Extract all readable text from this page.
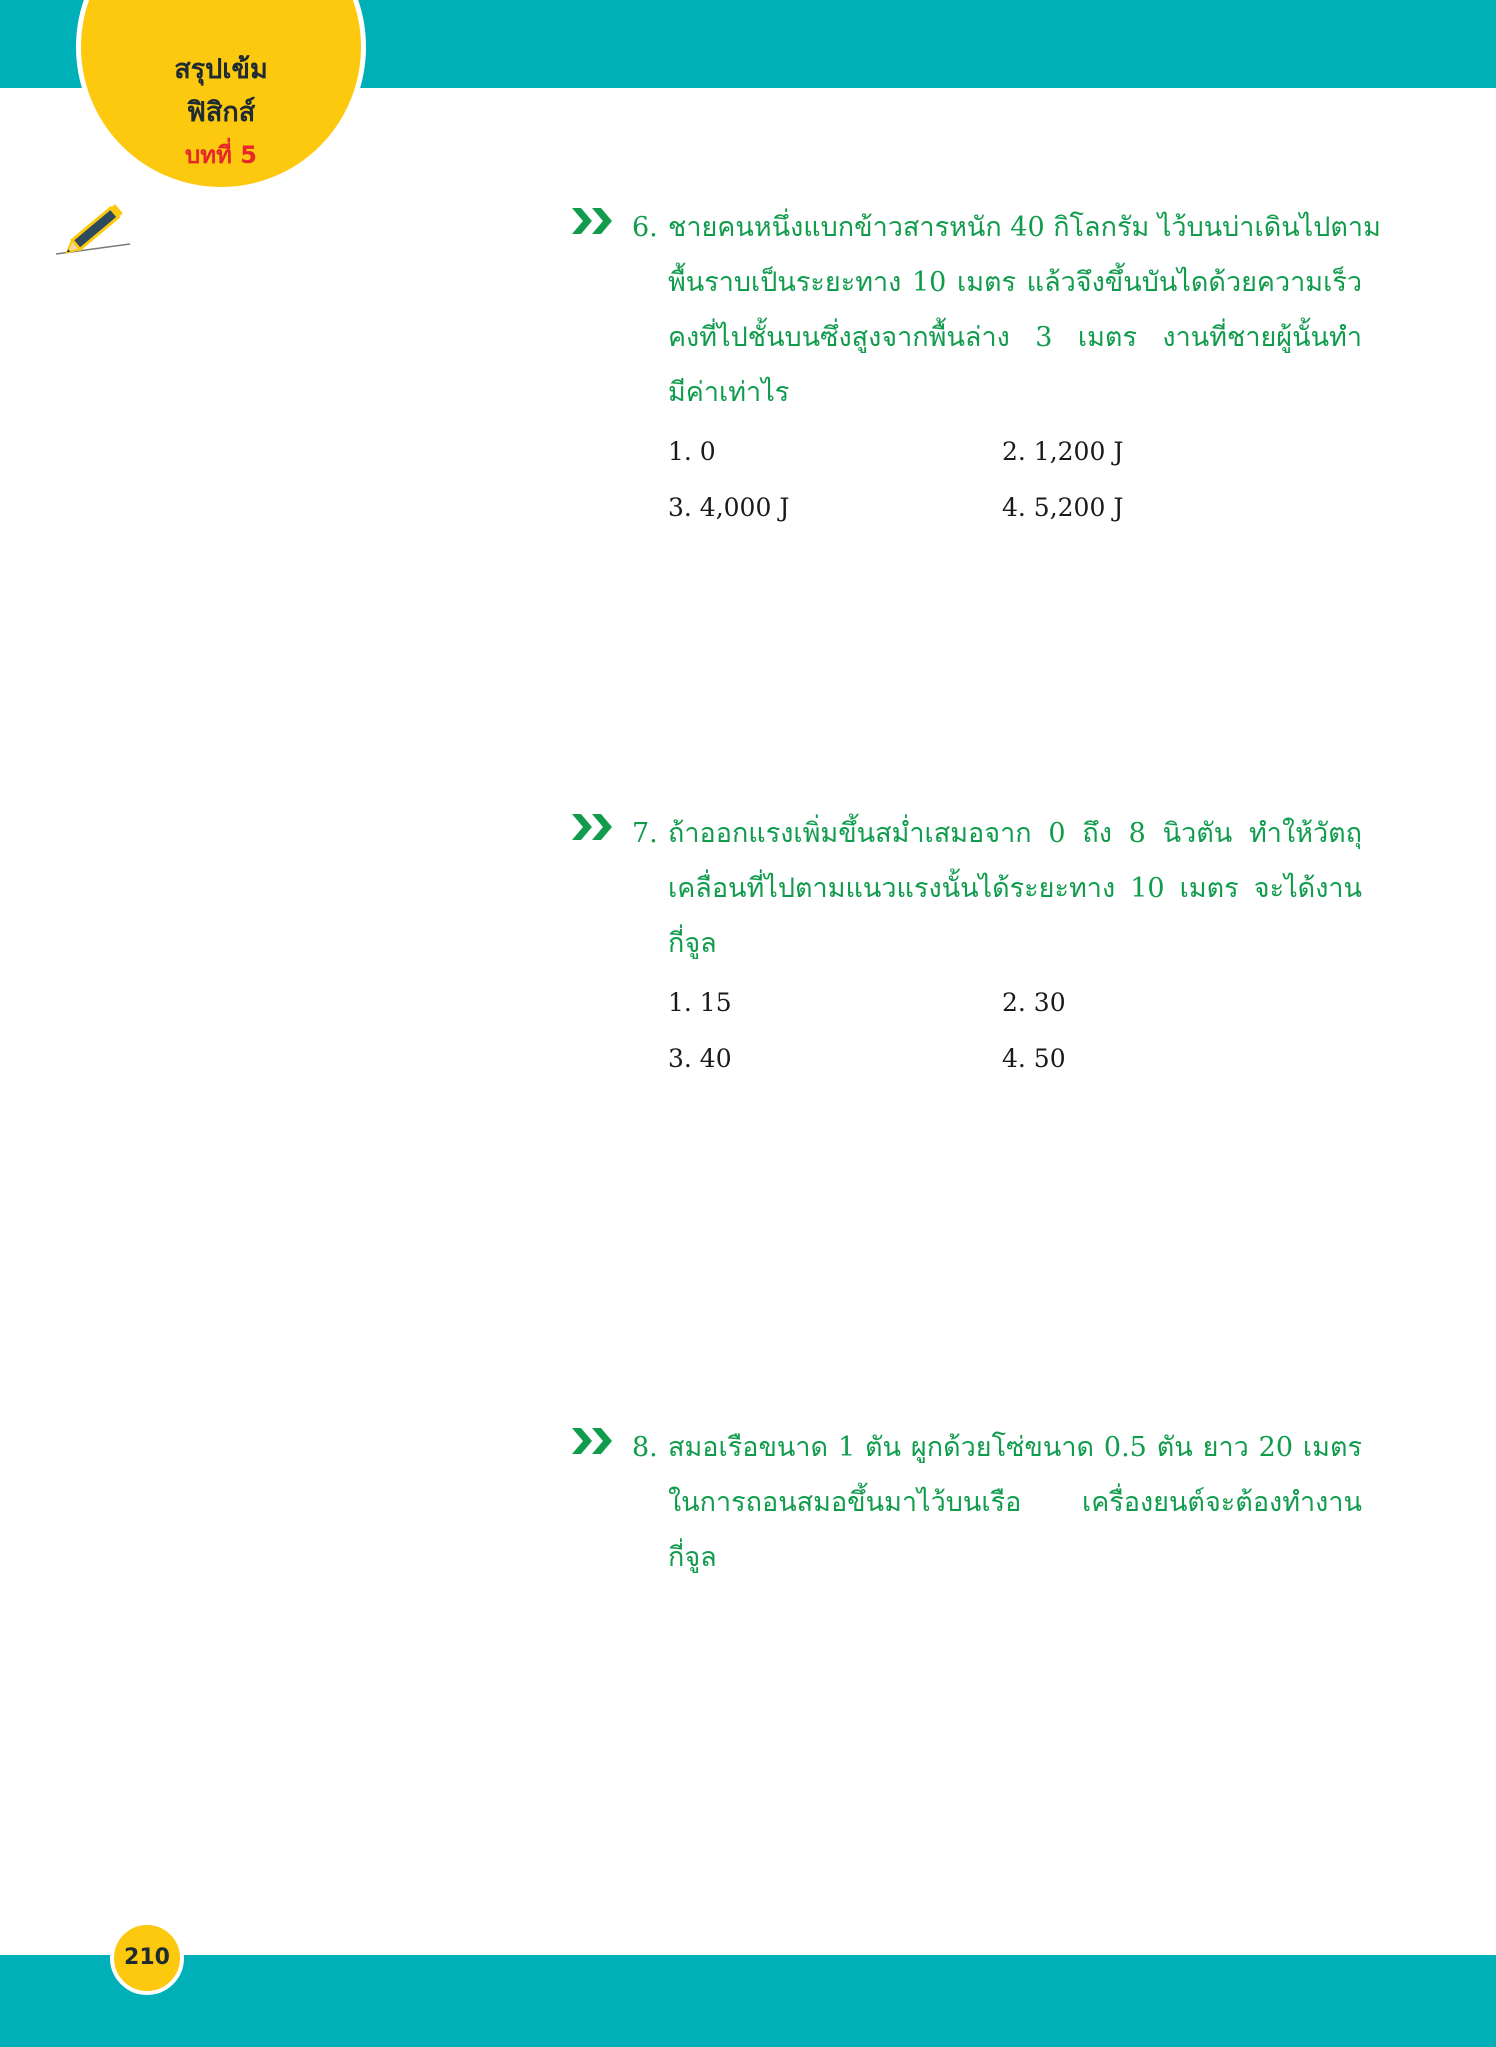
สรุปเข้ม
ฟิสิกส์
บทที่ 5
6. ชายคนหนึ่งแบกข้าวสารหนัก 40 กิโลกรัม ไว้บนบ่าเดินไปตาม
พื้นราบเป็นระยะทาง 10 เมตร แล้วจึงขึ้นบันไดด้วยความเร็ว
คงที่ไปชั้นบนซึ่งสูงจากพื้นล่าง 3 เมตร งานที่ชายผู้นั้นทำ
มีค่าเท่าไร
1. 0	2. 1,200 J
3. 4,000 J	4. 5,200 J
7. ถ้าออกแรงเพิ่มขึ้นสม่ำเสมอจาก 0 ถึง 8 นิวตัน ทำให้วัตถุ
เคลื่อนที่ไปตามแนวแรงนั้นได้ระยะทาง 10 เมตร จะได้งาน
กี่จูล
1. 15	2. 30
3. 40	4. 50
8. สมอเรือขนาด 1 ตัน ผูกด้วยโซ่ขนาด 0.5 ตัน ยาว 20 เมตร
ในการถอนสมอขึ้นมาไว้บนเรือ เครื่องยนต์จะต้องทำงาน
กี่จูล
210
